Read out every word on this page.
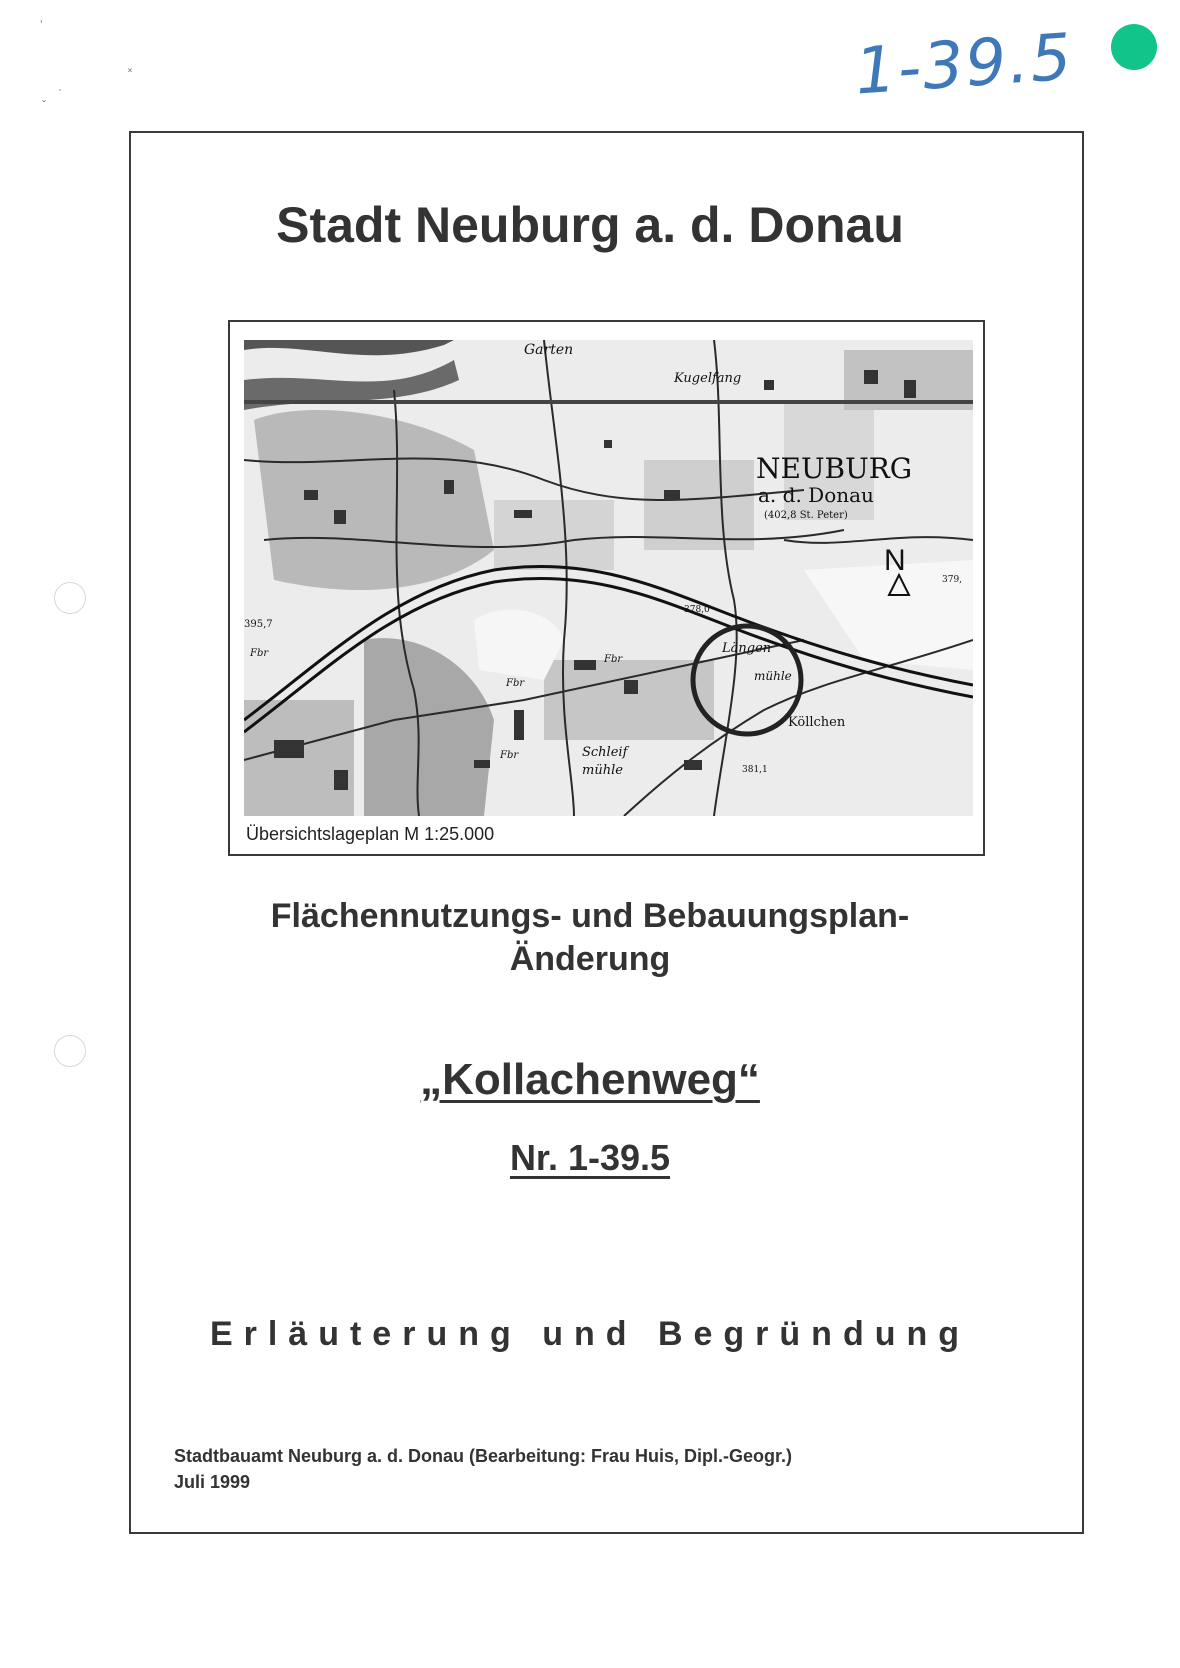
1-39.5
ʼ
˟
·
ˇ
Stadt Neuburg a. d. Donau
NEUBURG
a. d. Donau
(402,8 St. Peter)
N
Garten
Kugelfang
Längen
mühle
Schleif
mühle
Köllchen
379,
378,0
381,1
395,7
Fbr
Fbr
Fbr
Fbr
Übersichtslageplan M 1:25.000
Flächennutzungs- und Bebauungsplan-
Änderung
„Kollachenweg“
Nr. 1-39.5
Erläuterung und Begründung
Stadtbauamt Neuburg a. d. Donau (Bearbeitung: Frau Huis, Dipl.-Geogr.)
Juli 1999
